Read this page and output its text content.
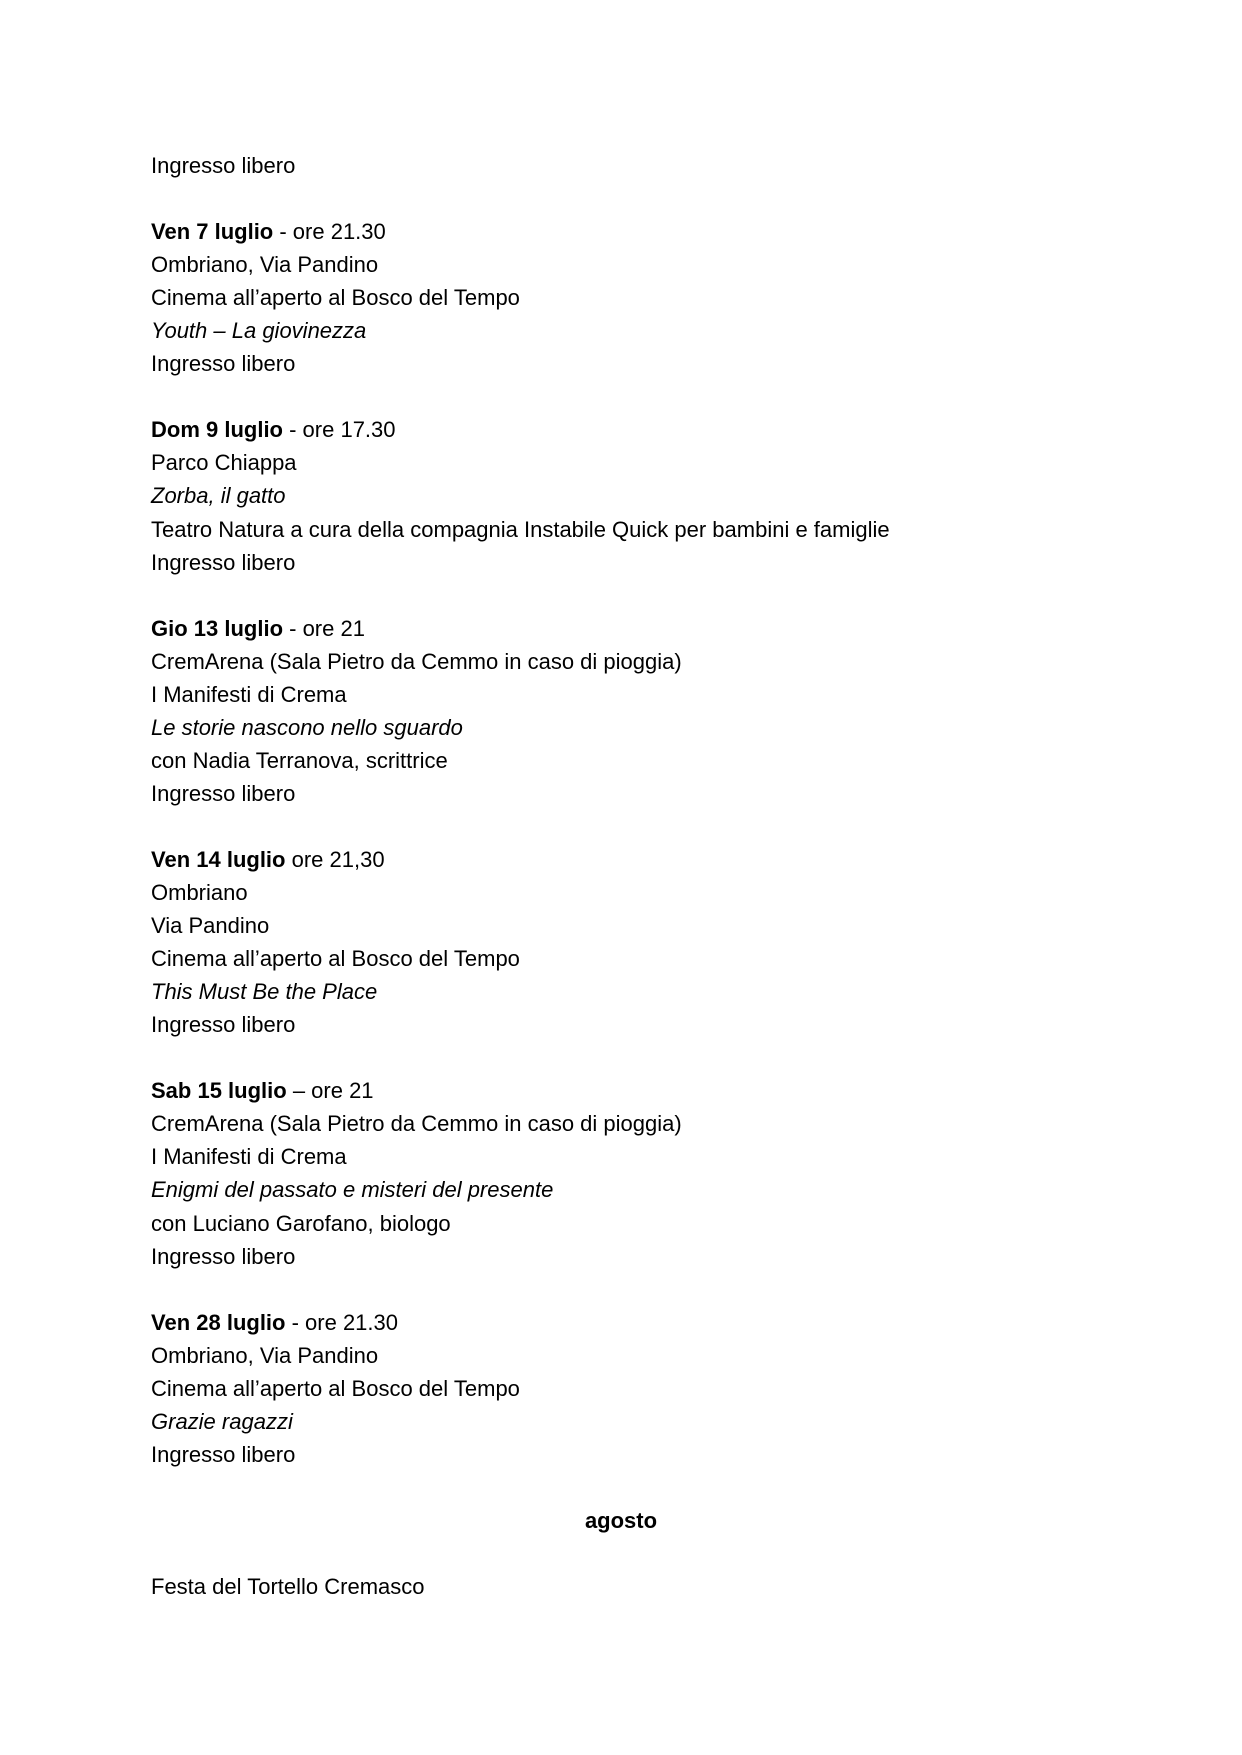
Ingresso libero
Ven 7 luglio - ore 21.30
Ombriano, Via Pandino
Cinema all’aperto al Bosco del Tempo
Youth – La giovinezza
Ingresso libero
Dom 9 luglio - ore 17.30
Parco Chiappa
Zorba, il gatto
Teatro Natura a cura della compagnia Instabile Quick per bambini e famiglie
Ingresso libero
Gio 13 luglio - ore 21
CremArena (Sala Pietro da Cemmo in caso di pioggia)
I Manifesti di Crema
Le storie nascono nello sguardo
con Nadia Terranova, scrittrice
Ingresso libero
Ven 14 luglio ore 21,30
Ombriano
Via Pandino
Cinema all’aperto al Bosco del Tempo
This Must Be the Place
Ingresso libero
Sab 15 luglio – ore 21
CremArena (Sala Pietro da Cemmo in caso di pioggia)
I Manifesti di Crema
Enigmi del passato e misteri del presente
con Luciano Garofano, biologo
Ingresso libero
Ven 28 luglio - ore 21.30
Ombriano, Via Pandino
Cinema all’aperto al Bosco del Tempo
Grazie ragazzi
Ingresso libero
agosto
Festa del Tortello Cremasco
